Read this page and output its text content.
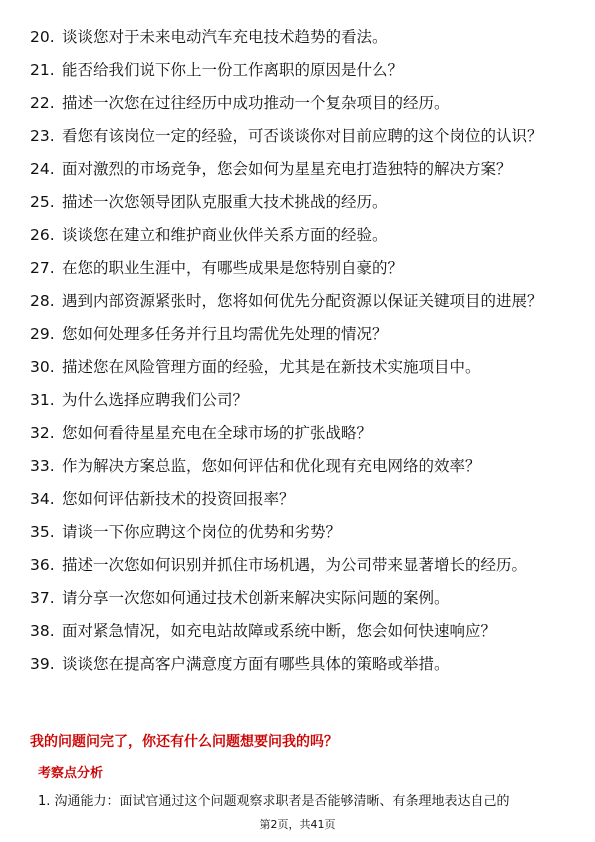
20. 谈谈您对于未来电动汽车充电技术趋势的看法。
21. 能否给我们说下你上一份工作离职的原因是什么？
22. 描述一次您在过往经历中成功推动一个复杂项目的经历。
23. 看您有该岗位一定的经验，可否谈谈你对目前应聘的这个岗位的认识？
24. 面对激烈的市场竞争，您会如何为星星充电打造独特的解决方案？
25. 描述一次您领导团队克服重大技术挑战的经历。
26. 谈谈您在建立和维护商业伙伴关系方面的经验。
27. 在您的职业生涯中，有哪些成果是您特别自豪的？
28. 遇到内部资源紧张时，您将如何优先分配资源以保证关键项目的进展？
29. 您如何处理多任务并行且均需优先处理的情况？
30. 描述您在风险管理方面的经验，尤其是在新技术实施项目中。
31. 为什么选择应聘我们公司？
32. 您如何看待星星充电在全球市场的扩张战略？
33. 作为解决方案总监，您如何评估和优化现有充电网络的效率？
34. 您如何评估新技术的投资回报率？
35. 请谈一下你应聘这个岗位的优势和劣势？
36. 描述一次您如何识别并抓住市场机遇，为公司带来显著增长的经历。
37. 请分享一次您如何通过技术创新来解决实际问题的案例。
38. 面对紧急情况，如充电站故障或系统中断，您会如何快速响应？
39. 谈谈您在提高客户满意度方面有哪些具体的策略或举措。
我的问题问完了，你还有什么问题想要问我的吗？
考察点分析
1. 沟通能力：面试官通过这个问题观察求职者是否能够清晰、有条理地表达自己的
第2页，共41页
